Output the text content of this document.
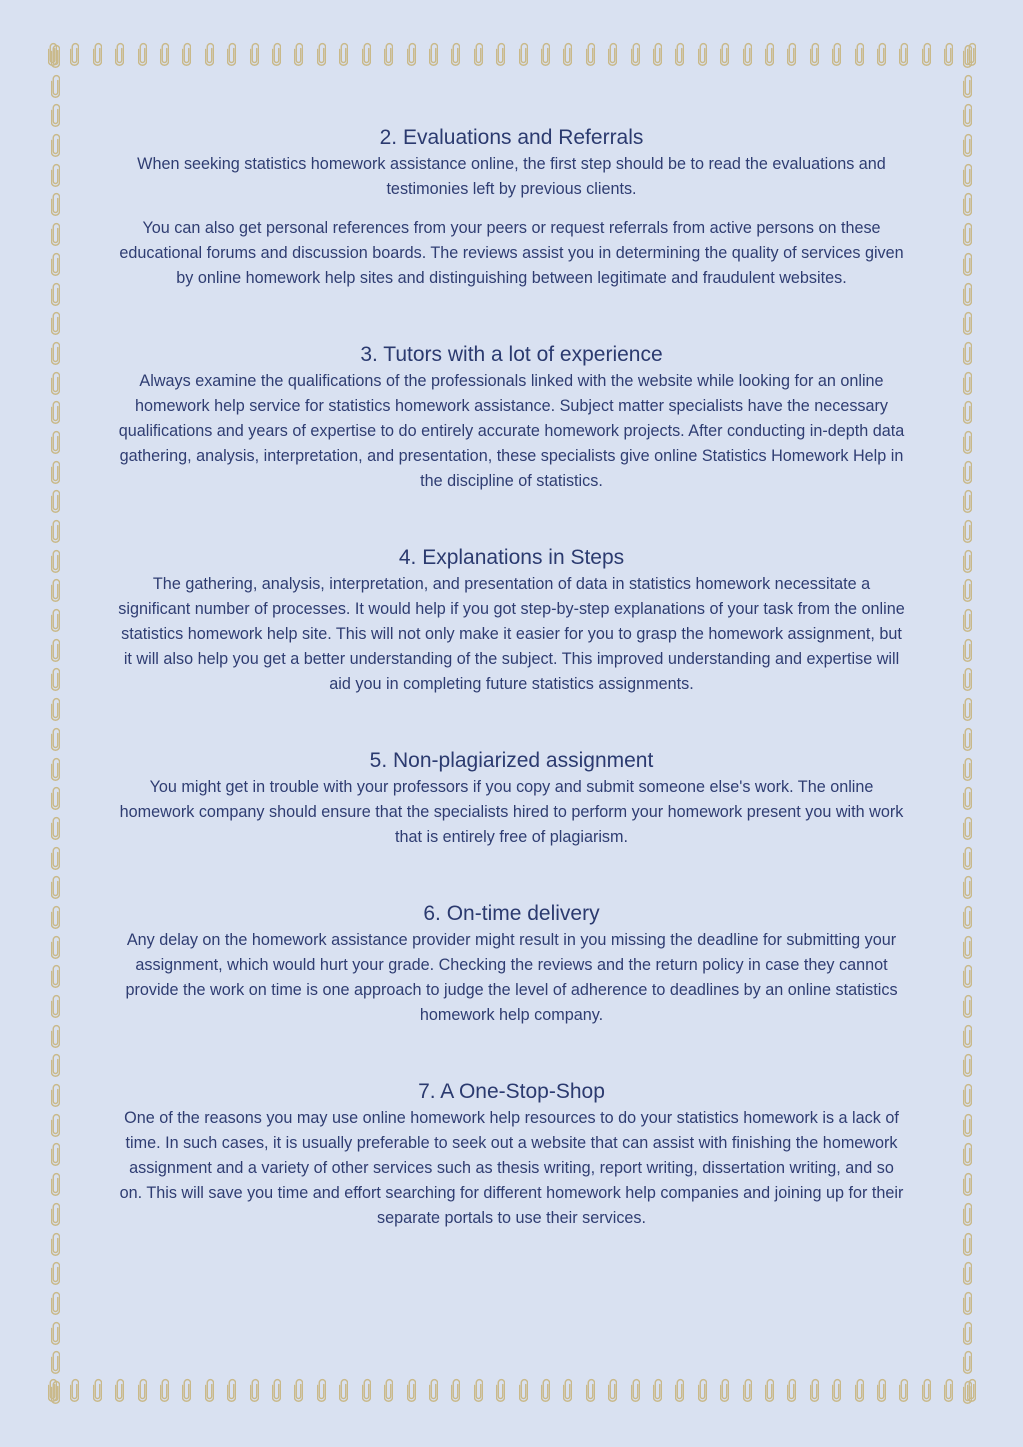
2. Evaluations and Referrals

When seeking statistics homework assistance online, the first step should be to read the evaluations and testimonies left by previous clients.

You can also get personal references from your peers or request referrals from active persons on these educational forums and discussion boards. The reviews assist you in determining the quality of services given by online homework help sites and distinguishing between legitimate and fraudulent websites.

3. Tutors with a lot of experience

Always examine the qualifications of the professionals linked with the website while looking for an online homework help service for statistics homework assistance. Subject matter specialists have the necessary qualifications and years of expertise to do entirely accurate homework projects. After conducting in-depth data gathering, analysis, interpretation, and presentation, these specialists give online Statistics Homework Help in the discipline of statistics.

4. Explanations in Steps

The gathering, analysis, interpretation, and presentation of data in statistics homework necessitate a significant number of processes. It would help if you got step-by-step explanations of your task from the online statistics homework help site. This will not only make it easier for you to grasp the homework assignment, but it will also help you get a better understanding of the subject. This improved understanding and expertise will aid you in completing future statistics assignments.

5. Non-plagiarized assignment

You might get in trouble with your professors if you copy and submit someone else's work. The online homework company should ensure that the specialists hired to perform your homework present you with work that is entirely free of plagiarism.

6. On-time delivery

Any delay on the homework assistance provider might result in you missing the deadline for submitting your assignment, which would hurt your grade. Checking the reviews and the return policy in case they cannot provide the work on time is one approach to judge the level of adherence to deadlines by an online statistics homework help company.

7. A One-Stop-Shop

One of the reasons you may use online homework help resources to do your statistics homework is a lack of time. In such cases, it is usually preferable to seek out a website that can assist with finishing the homework assignment and a variety of other services such as thesis writing, report writing, dissertation writing, and so on. This will save you time and effort searching for different homework help companies and joining up for their separate portals to use their services.
